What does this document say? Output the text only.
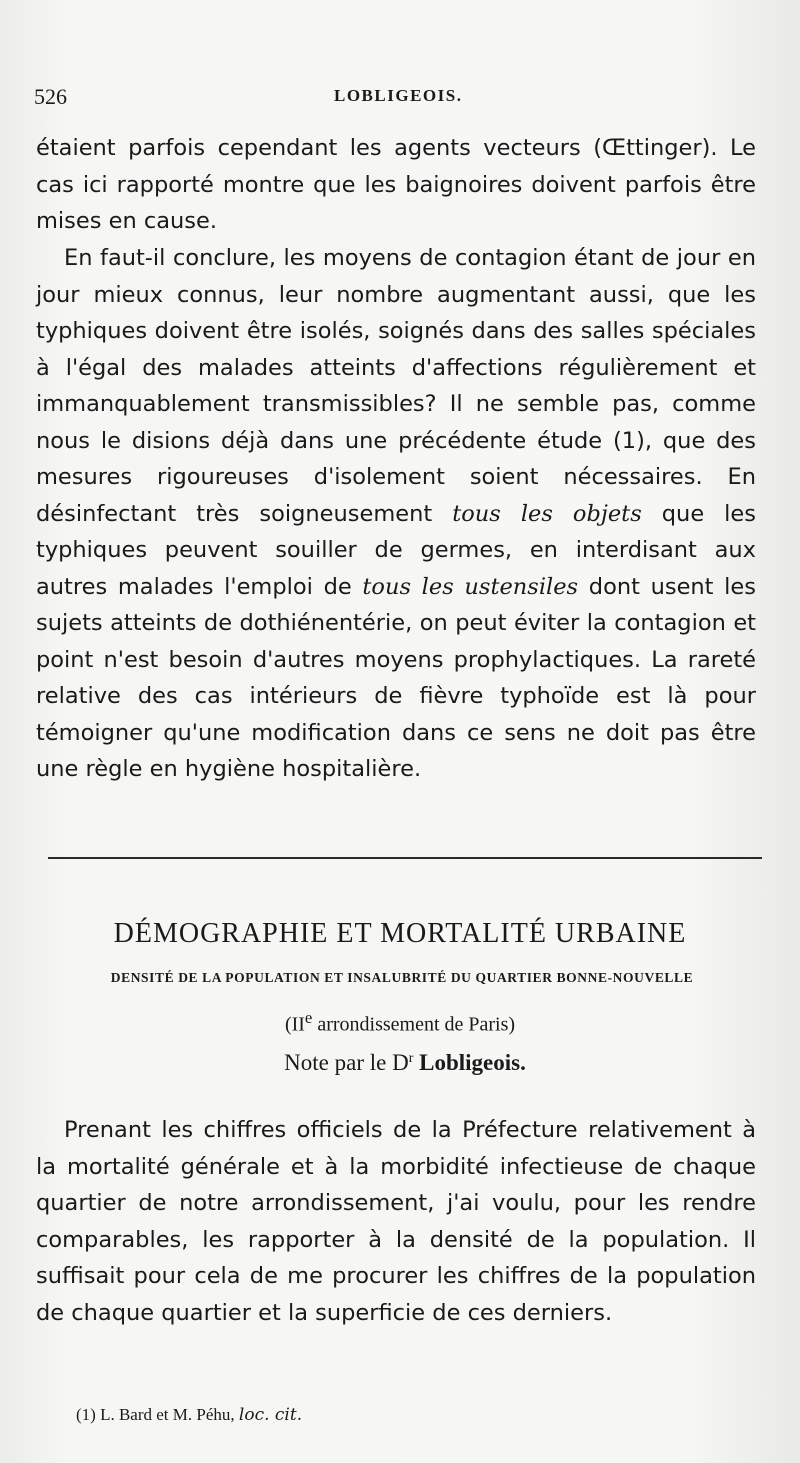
526	LOBLIGEOIS.

étaient parfois cependant les agents vecteurs (Œttinger). Le cas ici rapporté montre que les baignoires doivent parfois être mises en cause.

En faut-il conclure, les moyens de contagion étant de jour en jour mieux connus, leur nombre augmentant aussi, que les typhiques doivent être isolés, soignés dans des salles spéciales à l'égal des malades atteints d'affections régulièrement et immanquablement transmissibles? Il ne semble pas, comme nous le disions déjà dans une précédente étude (1), que des mesures rigoureuses d'isolement soient nécessaires. En désinfectant très soigneusement tous les objets que les typhiques peuvent souiller de germes, en interdisant aux autres malades l'emploi de tous les ustensiles dont usent les sujets atteints de dothiénentérie, on peut éviter la contagion et point n'est besoin d'autres moyens prophylactiques. La rareté relative des cas intérieurs de fièvre typhoïde est là pour témoigner qu'une modification dans ce sens ne doit pas être une règle en hygiène hospitalière.

DÉMOGRAPHIE ET MORTALITÉ URBAINE
DENSITÉ DE LA POPULATION ET INSALUBRITÉ DU QUARTIER BONNE-NOUVELLE
(IIe arrondissement de Paris)
Note par le $D^r$ Lobligeois.

Prenant les chiffres officiels de la Préfecture relativement à la mortalité générale et à la morbidité infectieuse de chaque quartier de notre arrondissement, j'ai voulu, pour les rendre comparables, les rapporter à la densité de la population. Il suffisait pour cela de me procurer les chiffres de la population de chaque quartier et la superficie de ces derniers.

(1) L. Bard et M. Péhu, loc. cit.
